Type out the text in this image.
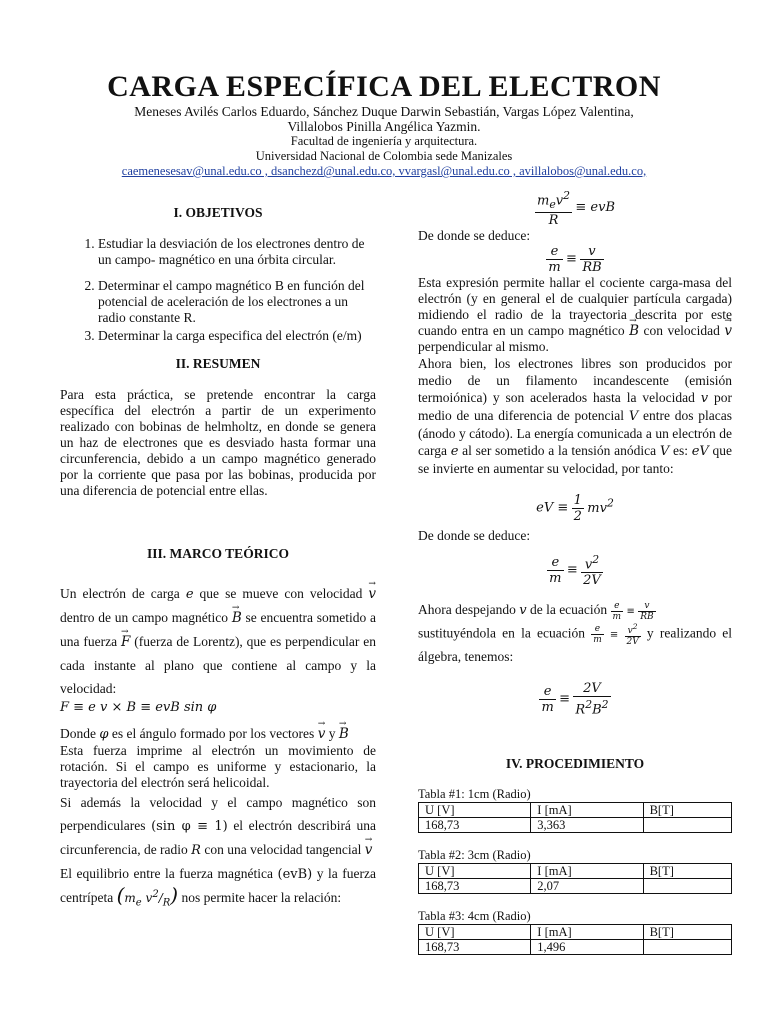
CARGA ESPECÍFICA DEL ELECTRON
Meneses Avilés Carlos Eduardo, Sánchez Duque Darwin Sebastián, Vargas López Valentina,
Villalobos Pinilla Angélica Yazmin.
Facultad de ingeniería y arquitectura.
Universidad Nacional de Colombia sede Manizales
caemenesesav@unal.edu.co , dsanchezd@unal.edu.co, vvargasl@unal.edu.co , avillalobos@unal.edu.co,
I. OBJETIVOS
1. Estudiar la desviación de los electrones dentro de un campo- magnético en una órbita circular.
2. Determinar el campo magnético B en función del potencial de aceleración de los electrones a un radio constante R.
3. Determinar la carga especifica del electrón (e/m)
II. RESUMEN

Para esta práctica, se pretende encontrar la carga específica del electrón a partir de un experimento realizado con bobinas de helmholtz, en donde se genera un haz de electrones que es desviado hasta formar una circunferencia, debido a un campo magnético generado por la corriente que pasa por las bobinas, producida por una diferencia de potencial entre ellas.

III. MARCO TEÓRICO

Un electrón de carga e que se mueve con velocidad → v dentro de un campo magnético → B se encuentra sometido a una fuerza → F (fuerza de Lorentz), que es perpendicular en cada instante al plano que contiene al campo y la velocidad:

F ≡ e v × B ≡ evB sin φ

Donde φ es el ángulo formado por los vectores → v y → B

Esta fuerza imprime al electrón un movimiento de rotación. Si el campo es uniforme y estacionario, la trayectoria del electrón será helicoidal.

Si además la velocidad y el campo magnético son perpendiculares (sin φ ≡ 1) el electrón describirá una circunferencia, de radio R con una velocidad tangencial → v

El equilibrio entre la fuerza magnética (evB) y la fuerza centrípeta ($m_e$ $v^2/_R$) nos permite hacer la relación:

$\frac{m_ev^2}{R}$ ≡ evB

De donde se deduce:

$\frac{e}{m} \equiv \frac{v}{RB}$

Esta expresión permite hallar el cociente carga-masa del electrón (y en general el de cualquier partícula cargada) midiendo el radio de la trayectoria descrita por este cuando entra en un campo magnético → B con velocidad → v perpendicular al mismo.

Ahora bien, los electrones libres son producidos por medio de un filamento incandescente (emisión termoiónica) y son acelerados hasta la velocidad v por medio de una diferencia de potencial V entre dos placas (ánodo y cátodo). La energía comunicada a un electrón de carga e al ser sometido a la tensión anódica V es: eV que se invierte en aumentar su velocidad, por tanto:

eV ≡ $\frac{1}{2} mv^2$

De donde se deduce:

$\frac{e}{m} \equiv \frac{v^2}{2V}$

Ahora despejando v de la ecuación $\frac{e}{m} \equiv \frac{v}{RB}$

sustituyéndola en la ecuación $\frac{e}{m} \equiv \frac{v^2}{2V}$ y realizando el álgebra, tenemos:

$\frac{e}{m} \equiv \frac{2V}{R^2B^2}$
IV. PROCEDIMIENTO
Tabla #1: 1cm (Radio)
U [V]	I [mA]	B[T]
168,73	3,363	
Tabla #2: 3cm (Radio)
U [V]	I [mA]	B[T]
168,73	2,07	
Tabla #3: 4cm (Radio)
U [V]	I [mA]	B[T]
168,73	1,496	
